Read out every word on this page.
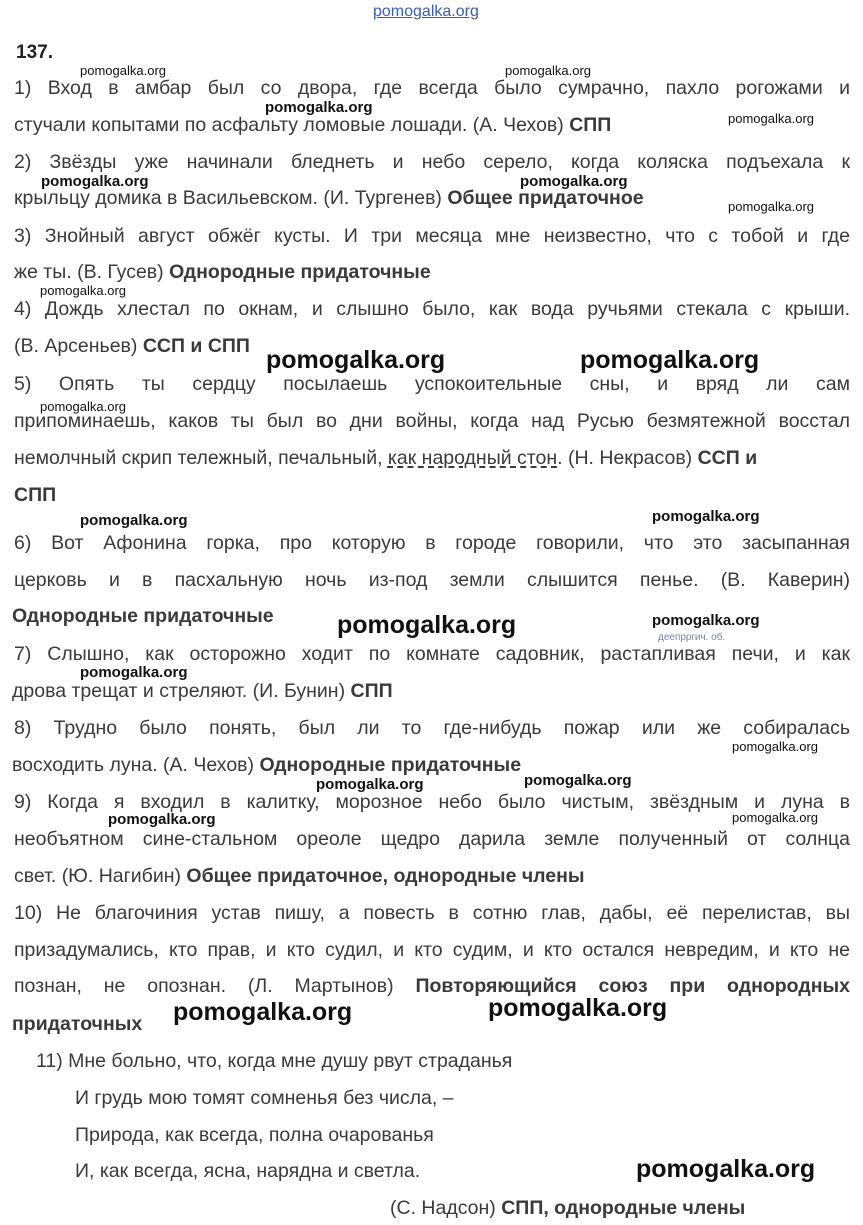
pomogalka.org
137.
1) Вход в амбар был со двора, где всегда было сумрачно, пахло рогожами и
стучали копытами по асфальту ломовые лошади. (А. Чехов) СПП
2) Звёзды уже начинали бледнеть и небо серело, когда коляска подъехала к
крыльцу домика в Васильевском. (И. Тургенев) Общее придаточное
3) Знойный август обжёг кусты. И три месяца мне неизвестно, что с тобой и где
же ты. (В. Гусев) Однородные придаточные
4) Дождь хлестал по окнам, и слышно было, как вода ручьями стекала с крыши.
(В. Арсеньев) ССП и СПП
5) Опять ты сердцу посылаешь успокоительные сны, и вряд ли сам
припоминаешь, каков ты был во дни войны, когда над Русью безмятежной восстал
немолчный скрип тележный, печальный, как народный стон. (Н. Некрасов) ССП и
СПП
6) Вот Афонина горка, про которую в городе говорили, что это засыпанная
церковь и в пасхальную ночь из-под земли слышится пенье. (В. Каверин)
Однородные придаточные
деепрprич. об.
7) Слышно, как осторожно ходит по комнате садовник, растапливая печи, и как
дрова трещат и стреляют. (И. Бунин) СПП
8) Трудно было понять, был ли то где-нибудь пожар или же собиралась
восходить луна. (А. Чехов) Однородные придаточные
9) Когда я входил в калитку, морозное небо было чистым, звёздным и луна в
необъятном сине-стальном ореоле щедро дарила земле полученный от солнца
свет. (Ю. Нагибин) Общее придаточное, однородные члены
10) Не благочиния устав пишу, а повесть в сотню глав, дабы, её перелистав, вы
призадумались, кто прав, и кто судил, и кто судим, и кто остался невредим, и кто не
познан, не опознан. (Л. Мартынов) Повторяющийся союз при однородных
придаточных
11) Мне больно, что, когда мне душу рвут страданья
И грудь мою томят сомненья без числа, –
Природа, как всегда, полна очарованья
И, как всегда, ясна, нарядна и светла.
(С. Надсон) СПП, однородные члены
pomogalka.org	pomogalka.org
pomogalka.org
pomogalka.org
pomogalka.org	pomogalka.org
pomogalka.org
pomogalka.org
pomogalka.org	pomogalka.org
pomogalka.org
pomogalka.org	pomogalka.org
pomogalka.org	pomogalka.org
pomogalka.org
pomogalka.org
pomogalka.org	pomogalka.org
pomogalka.org	pomogalka.org
pomogalka.org	pomogalka.org
pomogalka.org
